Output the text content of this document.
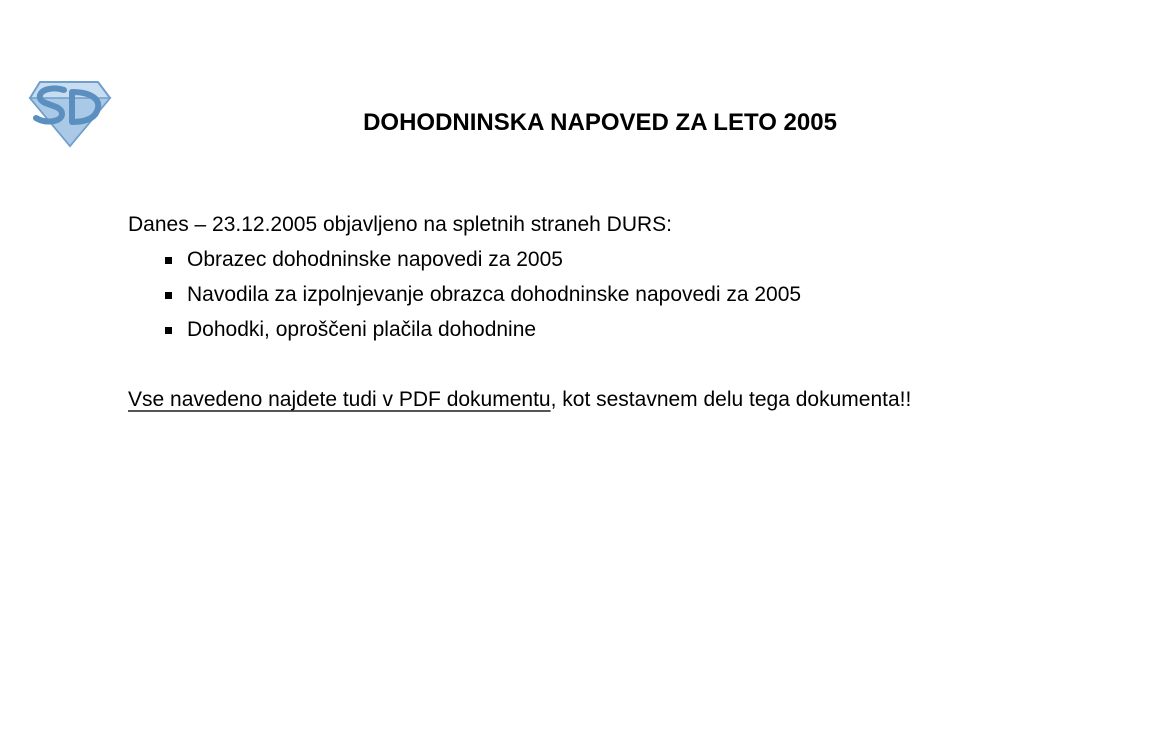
DOHODNINSKA NAPOVED ZA LETO 2005

Danes – 23.12.2005 objavljeno na spletnih straneh DURS:

Obrazec dohodninske napovedi za 2005
Navodila za izpolnjevanje obrazca dohodninske napovedi za 2005
Dohodki, oproščeni plačila dohodnine

Vse navedeno najdete tudi v PDF dokumentu, kot sestavnem delu tega dokumenta!!
